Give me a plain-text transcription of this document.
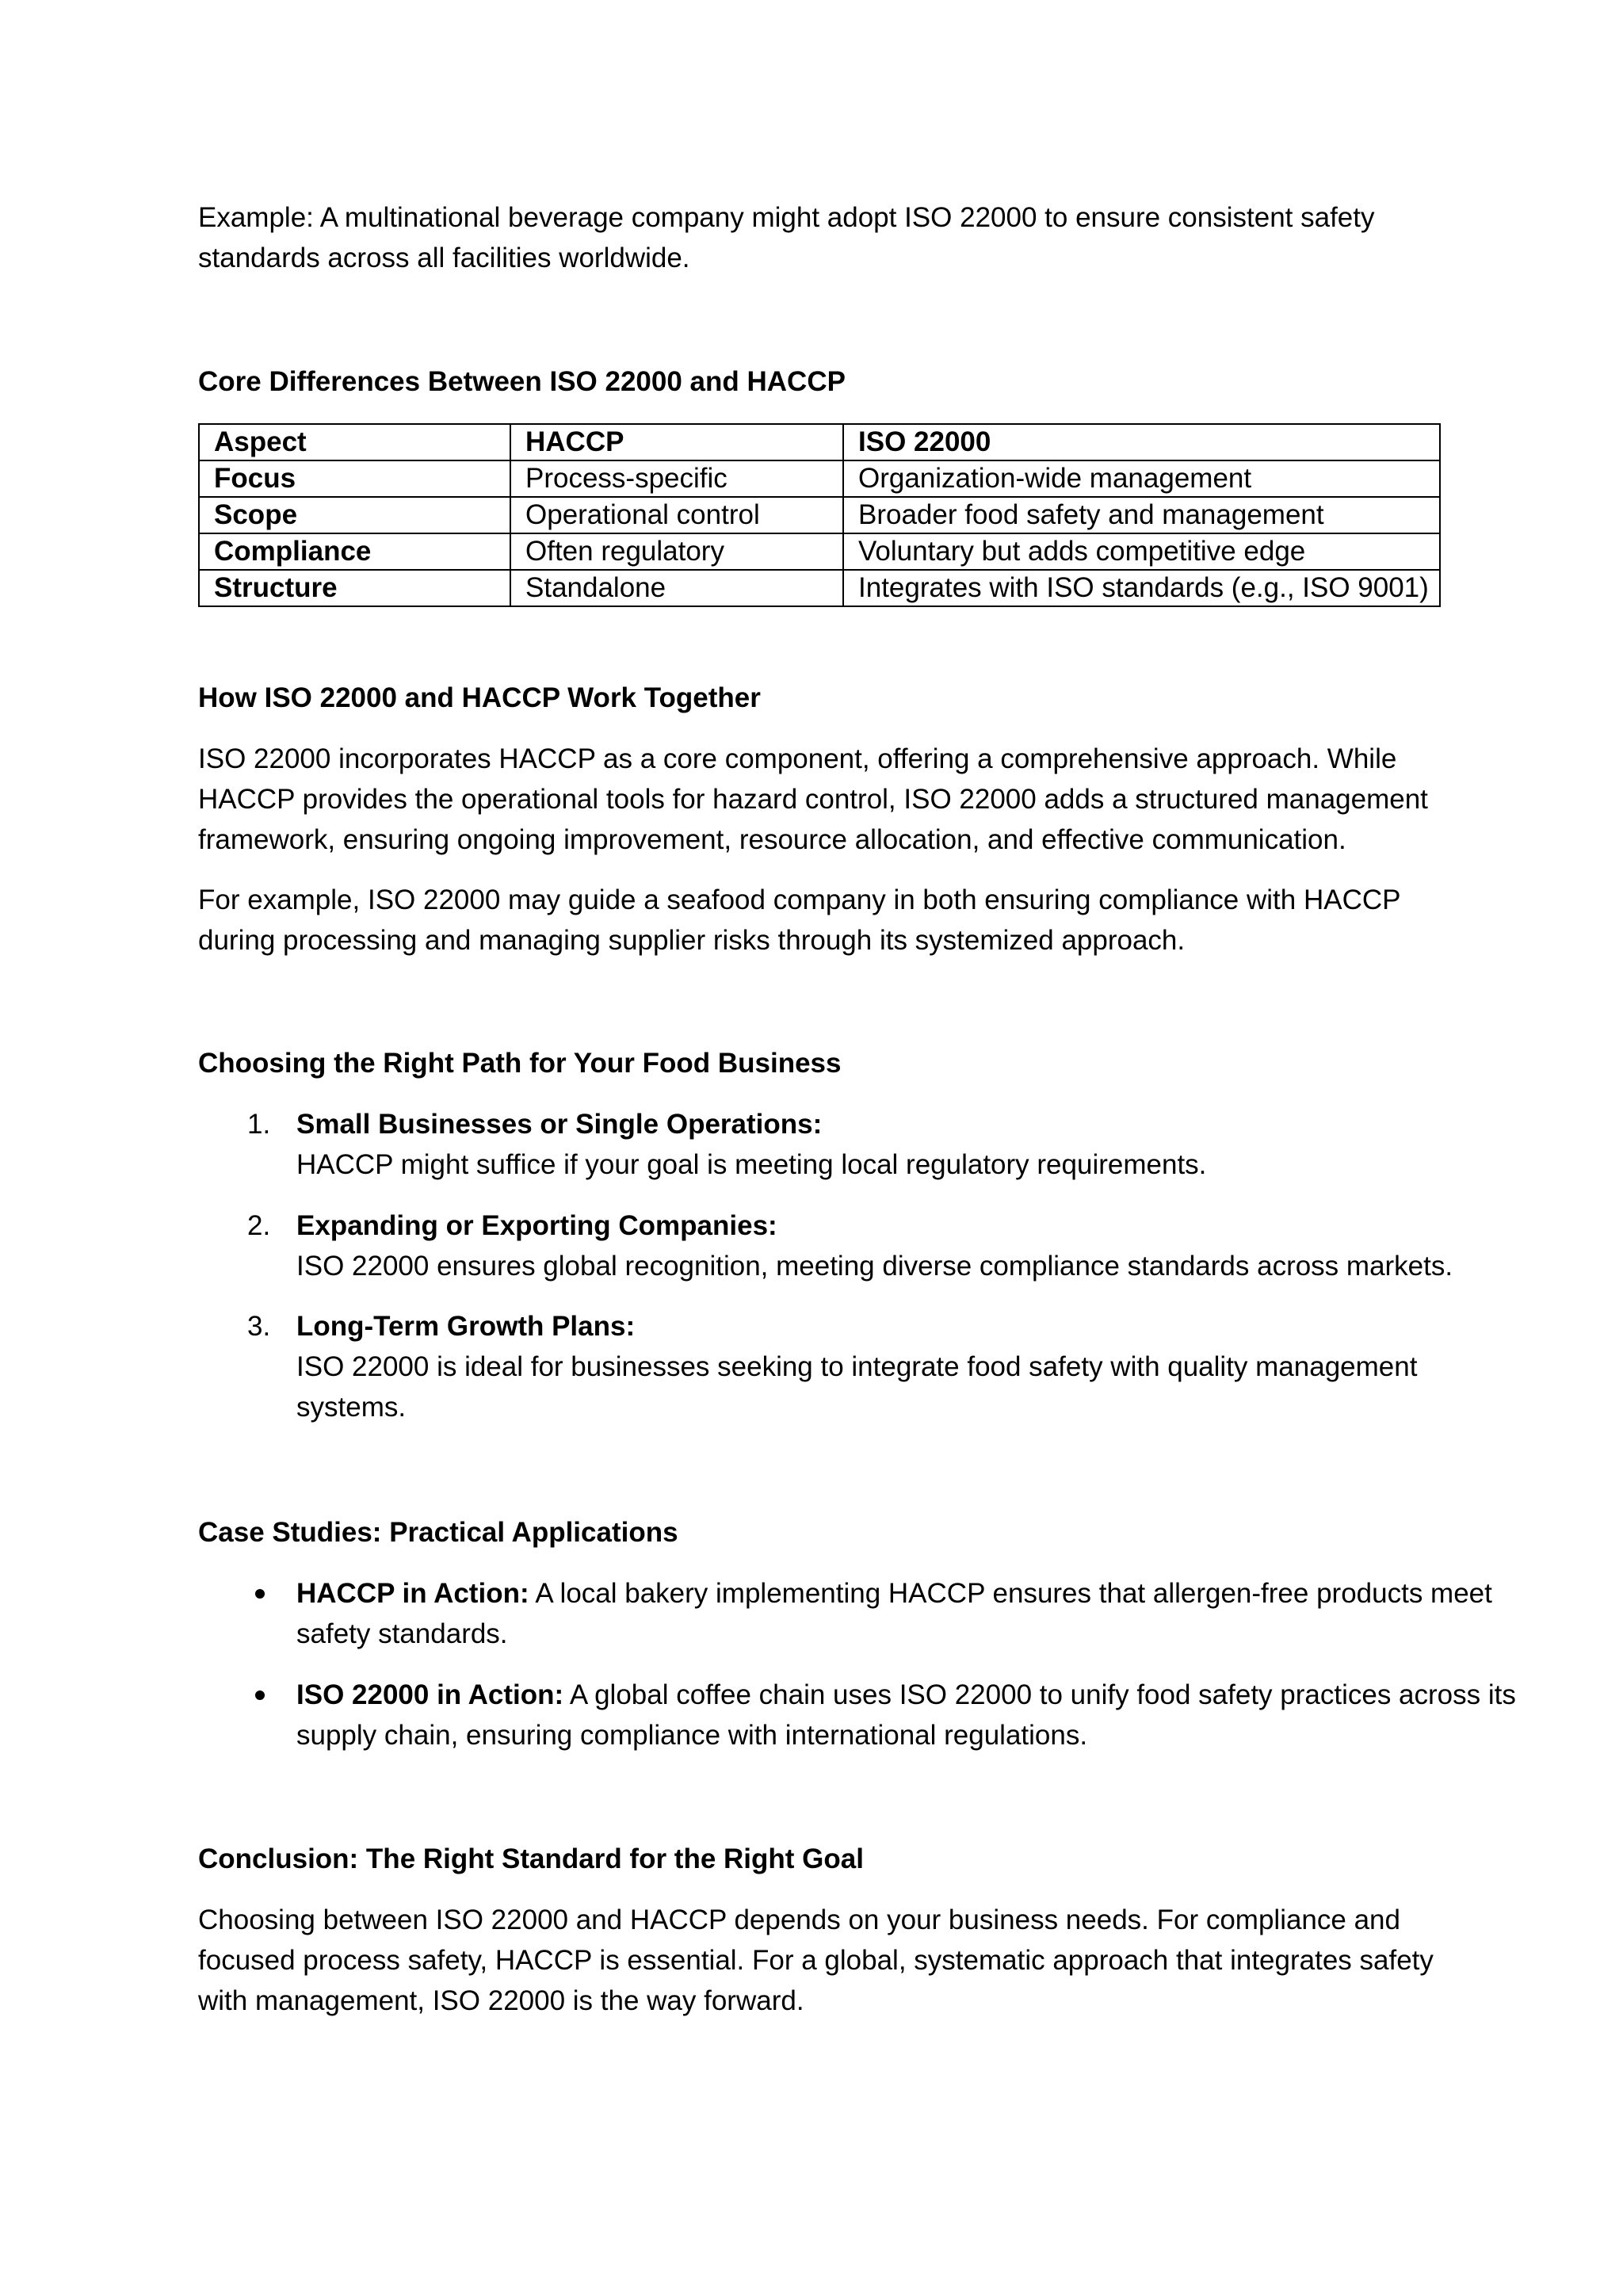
Example: A multinational beverage company might adopt ISO 22000 to ensure consistent safety standards across all facilities worldwide.

Core Differences Between ISO 22000 and HACCP

Aspect	HACCP	ISO 22000
Focus	Process-specific	Organization-wide management
Scope	Operational control	Broader food safety and management
Compliance	Often regulatory	Voluntary but adds competitive edge
Structure	Standalone	Integrates with ISO standards (e.g., ISO 9001)

How ISO 22000 and HACCP Work Together

ISO 22000 incorporates HACCP as a core component, offering a comprehensive approach. While HACCP provides the operational tools for hazard control, ISO 22000 adds a structured management framework, ensuring ongoing improvement, resource allocation, and effective communication.

For example, ISO 22000 may guide a seafood company in both ensuring compliance with HACCP during processing and managing supplier risks through its systemized approach.

Choosing the Right Path for Your Food Business

1. Small Businesses or Single Operations:

HACCP might suffice if your goal is meeting local regulatory requirements.

2. Expanding or Exporting Companies:

ISO 22000 ensures global recognition, meeting diverse compliance standards across markets.

3. Long-Term Growth Plans:

ISO 22000 is ideal for businesses seeking to integrate food safety with quality management systems.

Case Studies: Practical Applications

HACCP in Action: A local bakery implementing HACCP ensures that allergen-free products meet safety standards.

ISO 22000 in Action: A global coffee chain uses ISO 22000 to unify food safety practices across its supply chain, ensuring compliance with international regulations.

Conclusion: The Right Standard for the Right Goal

Choosing between ISO 22000 and HACCP depends on your business needs. For compliance and focused process safety, HACCP is essential. For a global, systematic approach that integrates safety with management, ISO 22000 is the way forward.
